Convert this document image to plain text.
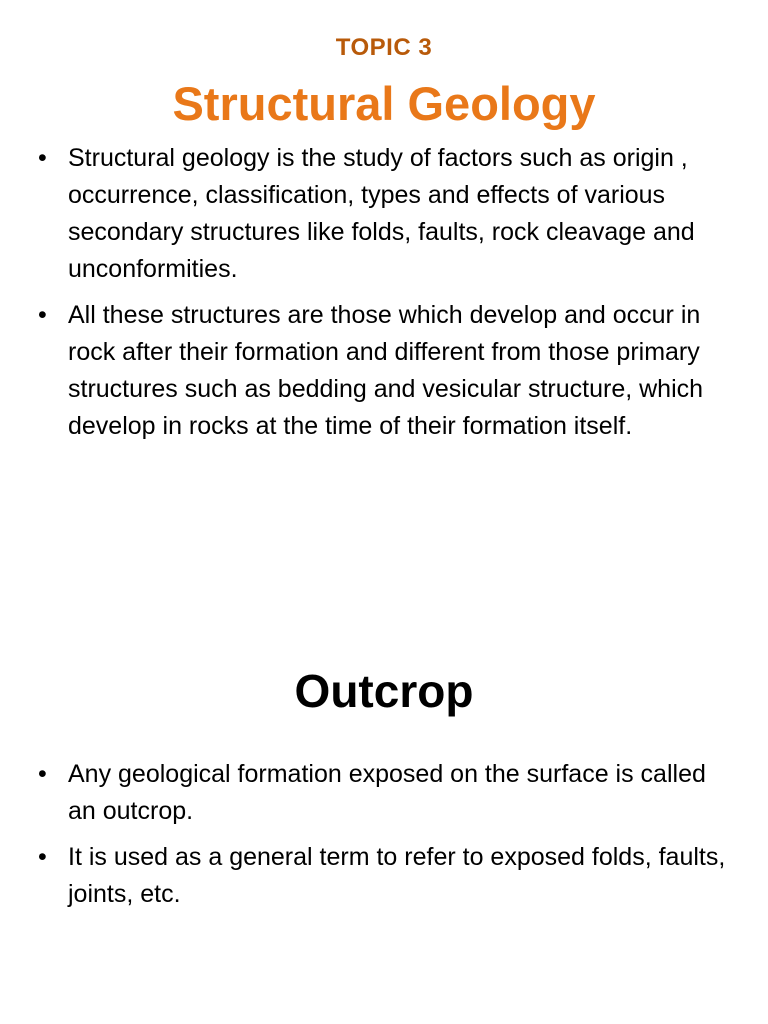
TOPIC 3
Structural Geology
• Structural geology is the study of factors such as origin , occurrence, classification, types and effects of various secondary structures like folds, faults, rock cleavage and unconformities.
• All these structures are those which develop and occur in rock after their formation and different from those primary structures such as bedding and vesicular structure, which develop in rocks at the time of their formation itself.
Outcrop
• Any geological formation exposed on the surface is called an outcrop.
• It is used as a general term to refer to exposed folds, faults, joints, etc.
